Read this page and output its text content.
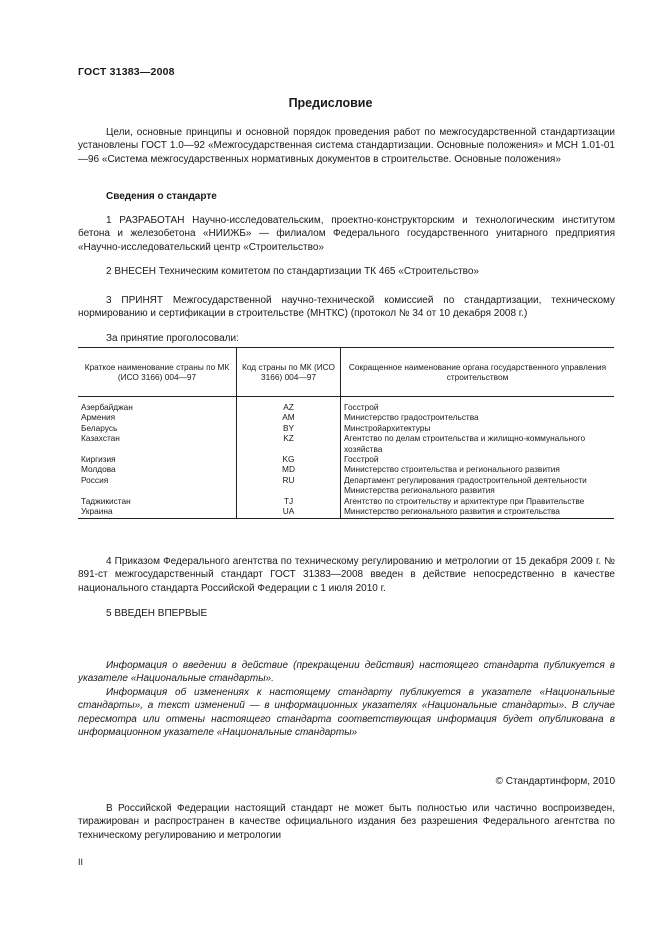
ГОСТ 31383—2008
Предисловие

Цели, основные принципы и основной порядок проведения работ по межгосударственной стандартизации установлены ГОСТ 1.0—92 «Межгосударственная система стандартизации. Основные положения» и МСН 1.01-01—96 «Система межгосударственных нормативных документов в строительстве. Основные положения»

Сведения о стандарте

1 РАЗРАБОТАН Научно-исследовательским, проектно-конструкторским и технологическим институтом бетона и железобетона «НИИЖБ» — филиалом Федерального государственного унитарного предприятия «Научно-исследовательский центр «Строительство»

2 ВНЕСЕН Техническим комитетом по стандартизации ТК 465 «Строительство»

3 ПРИНЯТ Межгосударственной научно-технической комиссией по стандартизации, техническому нормированию и сертификации в строительстве (МНТКС) (протокол № 34 от 10 декабря 2008 г.)

За принятие проголосовали:
Краткое наименование страны по МК (ИСО 3166) 004—97	Код страны по МК (ИСО 3166) 004—97	Сокращенное наименование органа государственного управления строительством
Азербайджан	AZ	Госстрой
Армения	AM	Министерство градостроительства
Беларусь	BY	Минстройархитектуры
Казахстан	KZ	Агентство по делам строительства и жилищно-коммунального хозяйства
Киргизия	KG	Госстрой
Молдова	MD	Министерство строительства и регионального развития
Россия	RU	Департамент регулирования градостроительной деятельности Министерства регионального развития
Таджикистан	TJ	Агентство по строительству и архитектуре при Правительстве
Украина	UA	Министерство регионального развития и строительства

4 Приказом Федерального агентства по техническому регулированию и метрологии от 15 декабря 2009 г. № 891-ст межгосударственный стандарт ГОСТ 31383—2008 введен в действие непосредственно в качестве национального стандарта Российской Федерации с 1 июля 2010 г.

5 ВВЕДЕН ВПЕРВЫЕ

Информация о введении в действие (прекращении действия) настоящего стандарта публикуется в указателе «Национальные стандарты».

Информация об изменениях к настоящему стандарту публикуется в указателе «Национальные стандарты», а текст изменений — в информационных указателях «Национальные стандарты». В случае пересмотра или отмены настоящего стандарта соответствующая информация будет опубликована в информационном указателе «Национальные стандарты»

© Стандартинформ, 2010

В Российской Федерации настоящий стандарт не может быть полностью или частично воспроизведен, тиражирован и распространен в качестве официального издания без разрешения Федерального агентства по техническому регулированию и метрологии

II
